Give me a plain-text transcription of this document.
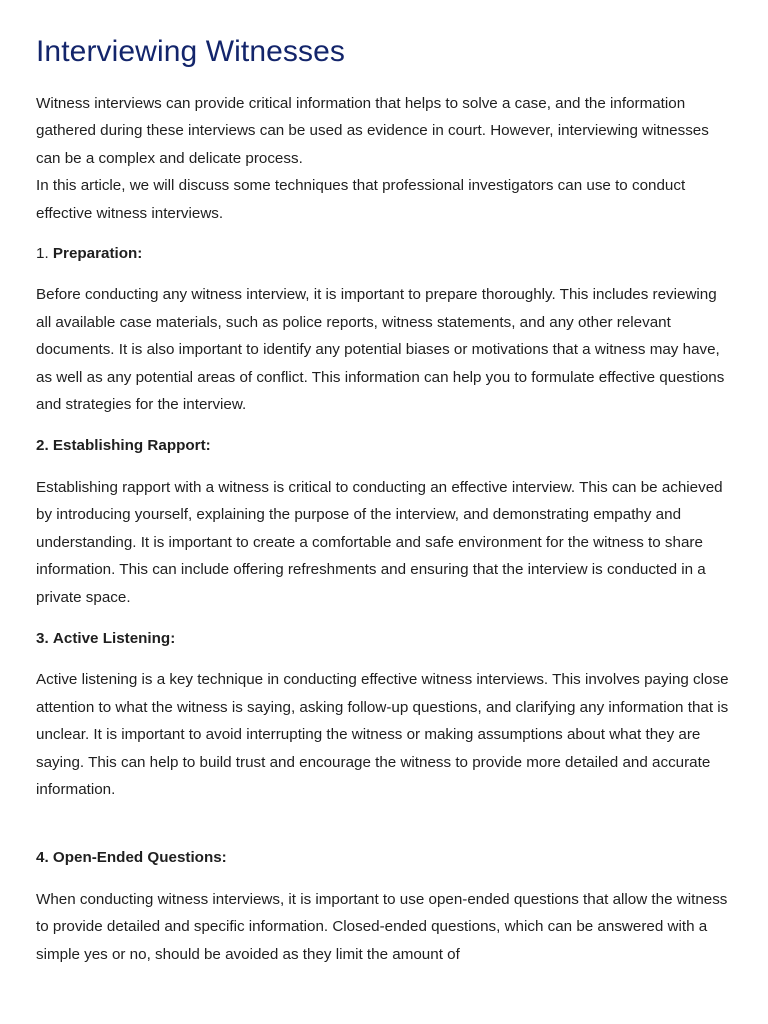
Interviewing Witnesses

Witness interviews can provide critical information that helps to solve a case, and the information gathered during these interviews can be used as evidence in court. However, interviewing witnesses can be a complex and delicate process.

In this article, we will discuss some techniques that professional investigators can use to conduct effective witness interviews.

1. Preparation:

Before conducting any witness interview, it is important to prepare thoroughly. This includes reviewing all available case materials, such as police reports, witness statements, and any other relevant documents. It is also important to identify any potential biases or motivations that a witness may have, as well as any potential areas of conflict. This information can help you to formulate effective questions and strategies for the interview.

2. Establishing Rapport:

Establishing rapport with a witness is critical to conducting an effective interview. This can be achieved by introducing yourself, explaining the purpose of the interview, and demonstrating empathy and understanding. It is important to create a comfortable and safe environment for the witness to share information. This can include offering refreshments and ensuring that the interview is conducted in a private space.

3. Active Listening:

Active listening is a key technique in conducting effective witness interviews. This involves paying close attention to what the witness is saying, asking follow-up questions, and clarifying any information that is unclear. It is important to avoid interrupting the witness or making assumptions about what they are saying. This can help to build trust and encourage the witness to provide more detailed and accurate information.

4. Open-Ended Questions:

When conducting witness interviews, it is important to use open-ended questions that allow the witness to provide detailed and specific information. Closed-ended questions, which can be answered with a simple yes or no, should be avoided as they limit the amount of
